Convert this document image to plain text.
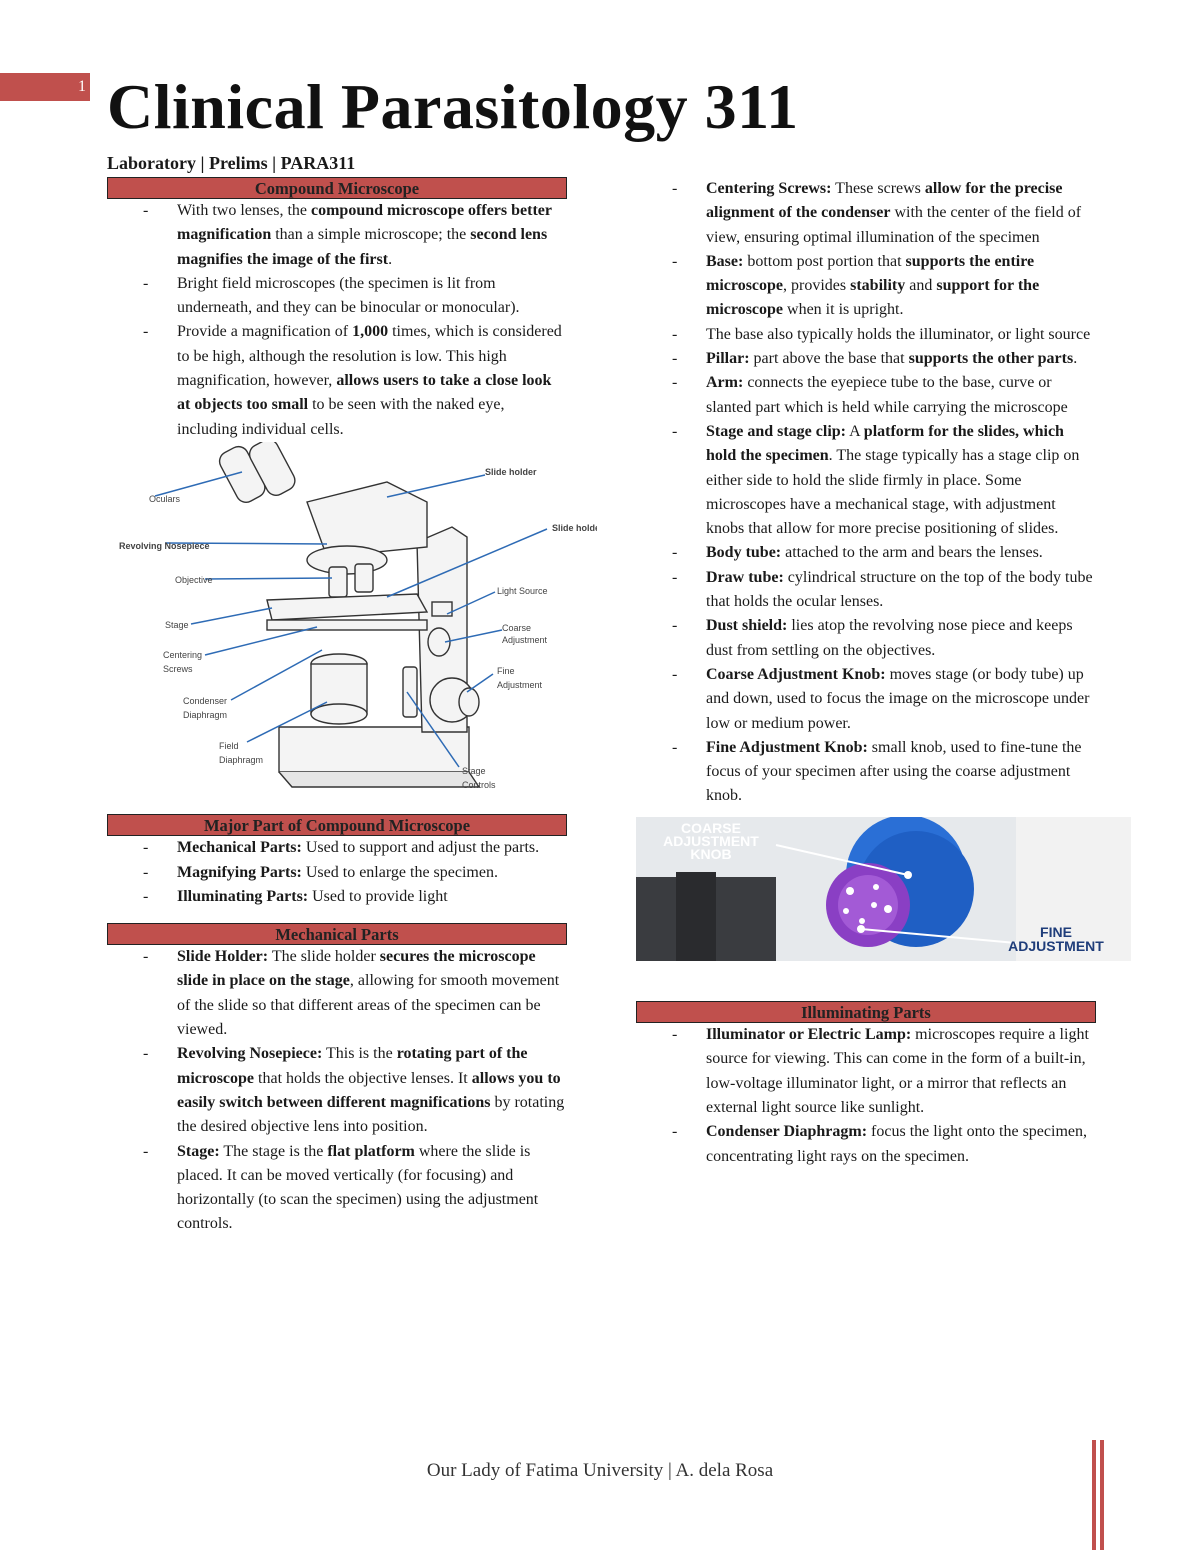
1 Clinical Parasitology 311
Laboratory | Prelims | PARA311
Compound Microscope
- With two lenses, the compound microscope offers better magnification than a simple microscope; the second lens magnifies the image of the first.
- Bright field microscopes (the specimen is lit from underneath, and they can be binocular or monocular).
- Provide a magnification of 1,000 times, which is considered to be high, although the resolution is low. This high magnification, however, allows users to take a close look at objects too small to be seen with the naked eye, including individual cells.
Oculars
Revolving Nosepiece
Objective
Stage
Centering
Screws
Condenser
Diaphragm
Field
Diaphragm
Slide holder
Slide holde
Light Source
Coarse
Adjustment
Fine
Adjustment
Stage
Controls
Major Part of Compound Microscope
- Mechanical Parts: Used to support and adjust the parts.
- Magnifying Parts: Used to enlarge the specimen.
- Illuminating Parts: Used to provide light
Mechanical Parts
- Slide Holder: The slide holder secures the microscope slide in place on the stage, allowing for smooth movement of the slide so that different areas of the specimen can be viewed.
- Revolving Nosepiece: This is the rotating part of the microscope that holds the objective lenses. It allows you to easily switch between different magnifications by rotating the desired objective lens into position.
- Stage: The stage is the flat platform where the slide is placed. It can be moved vertically (for focusing) and horizontally (to scan the specimen) using the adjustment controls.
- Centering Screws: These screws allow for the precise alignment of the condenser with the center of the field of view, ensuring optimal illumination of the specimen
- Base: bottom post portion that supports the entire microscope, provides stability and support for the microscope when it is upright.
- The base also typically holds the illuminator, or light source
- Pillar: part above the base that supports the other parts.
- Arm: connects the eyepiece tube to the base, curve or slanted part which is held while carrying the microscope
- Stage and stage clip: A platform for the slides, which hold the specimen. The stage typically has a stage clip on either side to hold the slide firmly in place. Some microscopes have a mechanical stage, with adjustment knobs that allow for more precise positioning of slides.
- Body tube: attached to the arm and bears the lenses.
- Draw tube: cylindrical structure on the top of the body tube that holds the ocular lenses.
- Dust shield: lies atop the revolving nose piece and keeps dust from settling on the objectives.
- Coarse Adjustment Knob: moves stage (or body tube) up and down, used to focus the image on the microscope under low or medium power.
- Fine Adjustment Knob: small knob, used to fine-tune the focus of your specimen after using the coarse adjustment knob.
COARSE
ADJUSTMENT
KNOB
FINE
ADJUSTMENT
Illuminating Parts
- Illuminator or Electric Lamp: microscopes require a light source for viewing. This can come in the form of a built-in, low-voltage illuminator light, or a mirror that reflects an external light source like sunlight.
- Condenser Diaphragm: focus the light onto the specimen, concentrating light rays on the specimen.
Our Lady of Fatima University | A. dela Rosa
